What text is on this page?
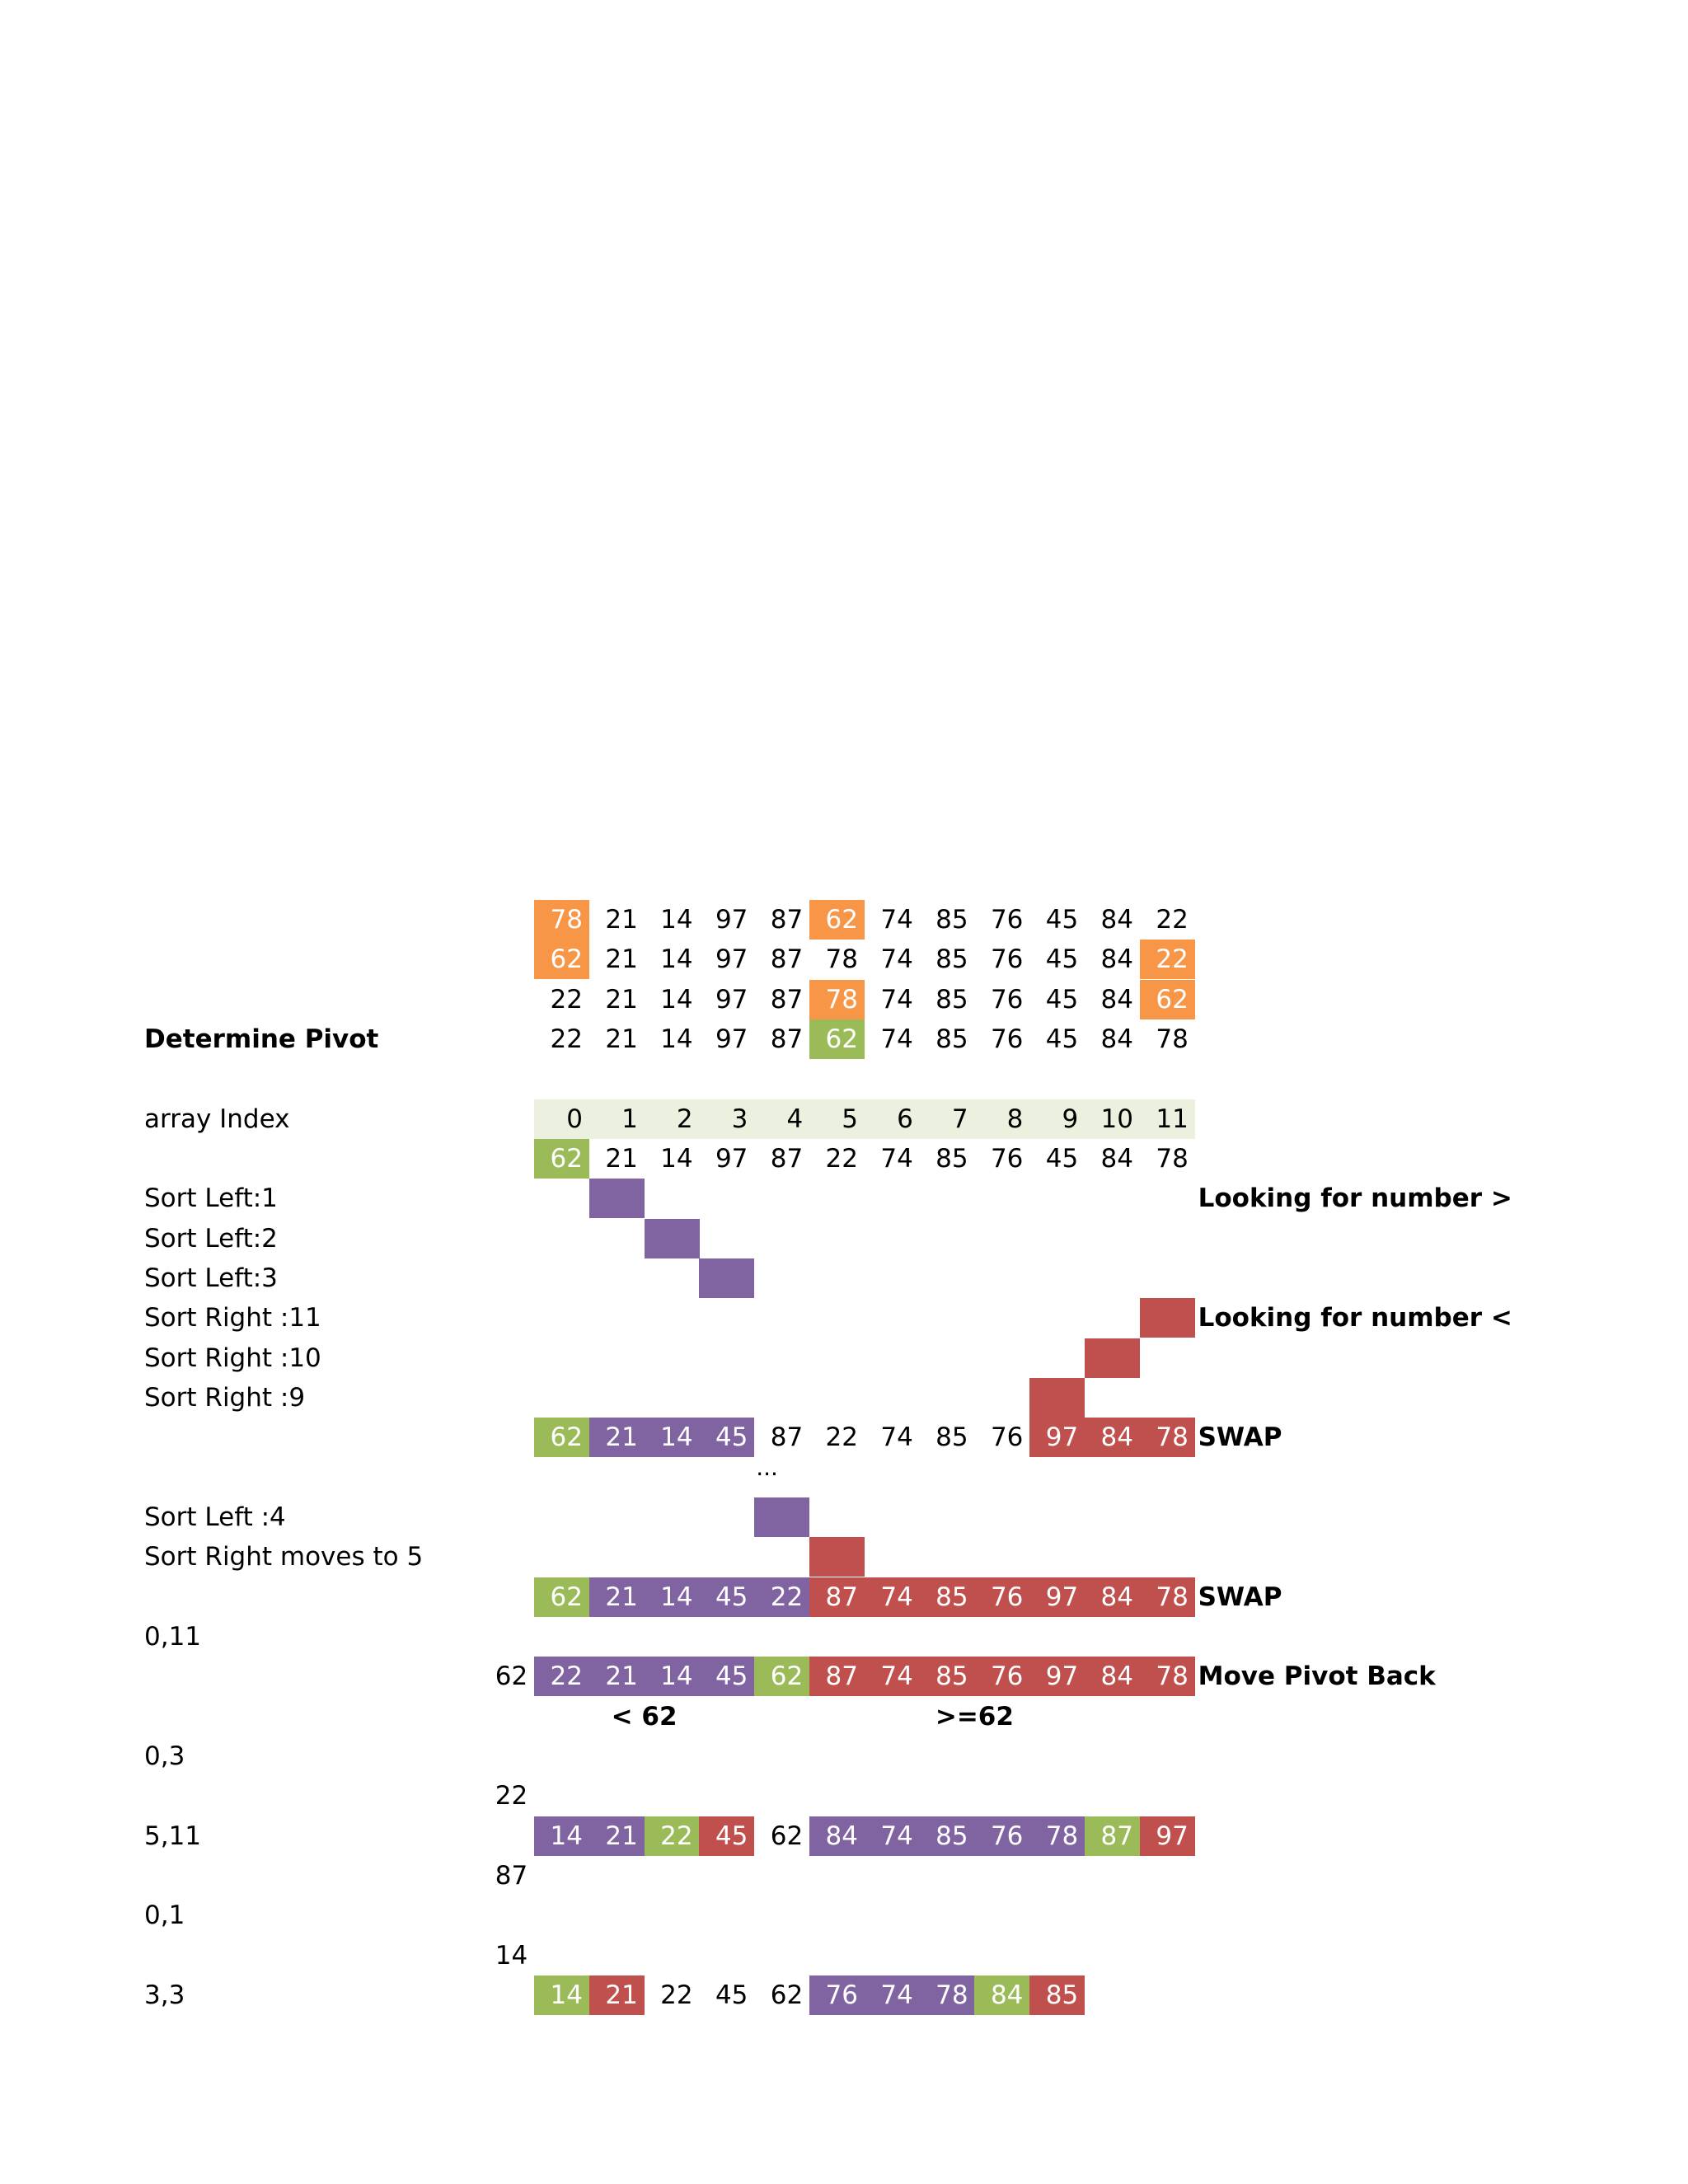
78 21 14 97 87 62 74 85 76 45 84 22
62 21 14 97 87 78 74 85 76 45 84 22
22 21 14 97 87 78 74 85 76 45 84 62
Determine Pivot	22 21 14 97 87 62 74 85 76 45 84 78
array Index	0	1	2	3	4	5	6	7	8	9 10 11
62 21 14 97 87 22 74 85 76 45 84 78
Sort Left:1	Looking for number >
Sort Left:2
Sort Left:3
Sort Right :11	Looking for number <
Sort Right :10
Sort Right :9
62 21 14 45 87 22 74 85 76 97 84 78 SWAP
Sort Left :4
Sort Right moves to 5
62 21 14 45 22 87 74 85 76 97 84 78 SWAP
0,11
62 22 21 14 45 62 87 74 85 76 97 84 78 Move Pivot Back
0,3
22
5,11	14 21 22 45 62 84 74 85 76 78 87 97
87
0,1
14
3,3	14 21 22 45 62 76 74 78 84 85
< 62	>=62
...
